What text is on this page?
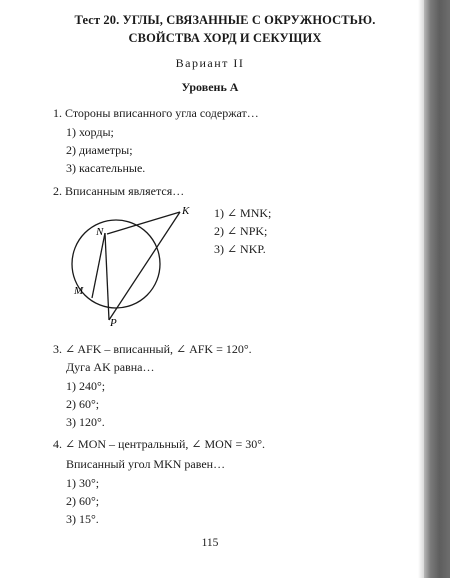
Тест 20. УГЛЫ, СВЯЗАННЫЕ С ОКРУЖНОСТЬЮ.
СВОЙСТВА ХОРД И СЕКУЩИХ
Вариант II
Уровень А
1. Стороны вписанного угла содержат…
1) хорды;
2) диаметры;
3) касательные.
2. Вписанным является…
1) ∠ MNK;
2) ∠ NPK;
3) ∠ NKP.
K
N
M
P
3. ∠ AFK – вписанный, ∠ AFK = 120°.
Дуга AK равна…
1) 240°;
2) 60°;
3) 120°.
4. ∠ MON – центральный, ∠ MON = 30°.
Вписанный угол MKN равен…
1) 30°;
2) 60°;
3) 15°.
115
